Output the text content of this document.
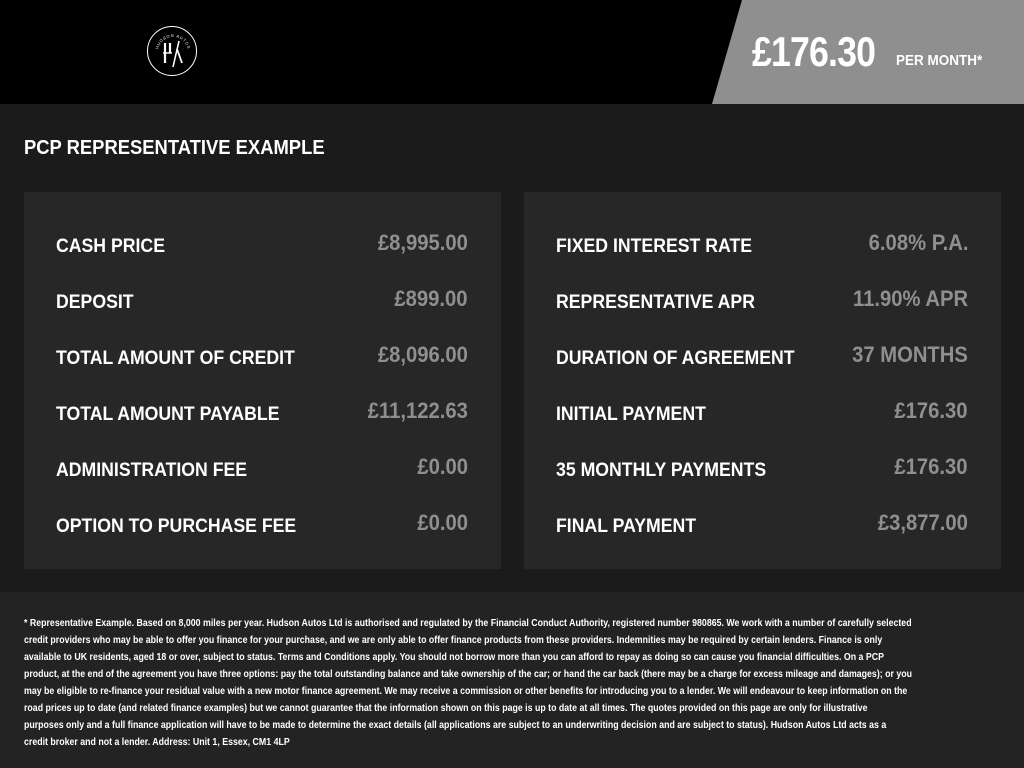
HUDSON AUTOS	£176.30 PER MONTH*
PCP REPRESENTATIVE EXAMPLE
CASH PRICE	£8,995.00
DEPOSIT	£899.00
TOTAL AMOUNT OF CREDIT	£8,096.00
TOTAL AMOUNT PAYABLE	£11,122.63
ADMINISTRATION FEE	£0.00
OPTION TO PURCHASE FEE	£0.00
FIXED INTEREST RATE	6.08% P.A.
REPRESENTATIVE APR	11.90% APR
DURATION OF AGREEMENT	37 MONTHS
INITIAL PAYMENT	£176.30
35 MONTHLY PAYMENTS	£176.30
FINAL PAYMENT	£3,877.00
* Representative Example. Based on 8,000 miles per year. Hudson Autos Ltd is authorised and regulated by the Financial Conduct Authority, registered number 980865. We work with a number of carefully selected
credit providers who may be able to offer you finance for your purchase, and we are only able to offer finance products from these providers. Indemnities may be required by certain lenders. Finance is only
available to UK residents, aged 18 or over, subject to status. Terms and Conditions apply. You should not borrow more than you can afford to repay as doing so can cause you financial difficulties. On a PCP
product, at the end of the agreement you have three options: pay the total outstanding balance and take ownership of the car; or hand the car back (there may be a charge for excess mileage and damages); or you
may be eligible to re-finance your residual value with a new motor finance agreement. We may receive a commission or other benefits for introducing you to a lender. We will endeavour to keep information on the
road prices up to date (and related finance examples) but we cannot guarantee that the information shown on this page is up to date at all times. The quotes provided on this page are only for illustrative
purposes only and a full finance application will have to be made to determine the exact details (all applications are subject to an underwriting decision and are subject to status). Hudson Autos Ltd acts as a
credit broker and not a lender. Address: Unit 1, Essex, CM1 4LP
